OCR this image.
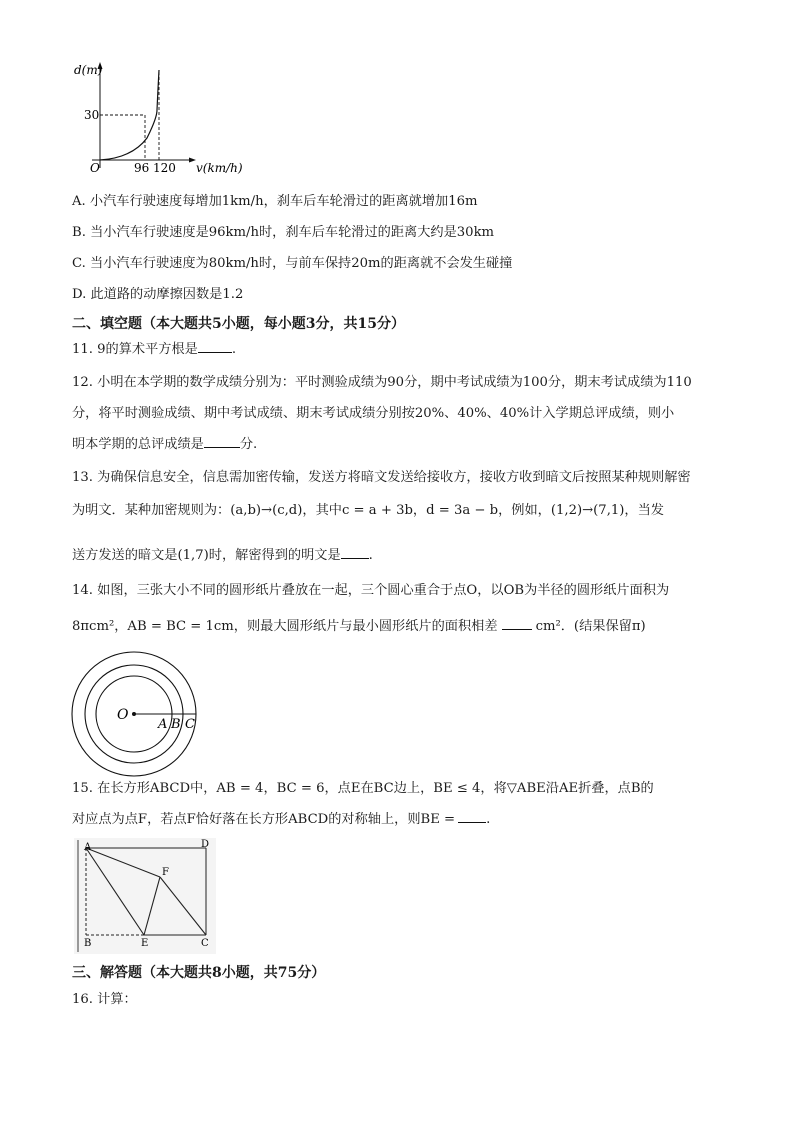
d(m)
v(km/h)
O
30
96 120
A. 小汽车行驶速度每增加1km/h，刹车后车轮滑过的距离就增加16m
B. 当小汽车行驶速度是96km/h时，刹车后车轮滑过的距离大约是30km
C. 当小汽车行驶速度为80km/h时，与前车保持20m的距离就不会发生碰撞
D. 此道路的动摩擦因数是1.2
二、填空题（本大题共5小题，每小题3分，共15分）
11. 9的算术平方根是	.
12. 小明在本学期的数学成绩分别为：平时测验成绩为90分，期中考试成绩为100分，期末考试成绩为110
分，将平时测验成绩、期中考试成绩、期末考试成绩分别按20%、40%、40%计入学期总评成绩，则小
明本学期的总评成绩是	分.
13. 为确保信息安全，信息需加密传输，发送方将暗文发送给接收方，接收方收到暗文后按照某种规则解密
为明文．某种加密规则为：(a,b)→(c,d)，其中c = a + 3b，d = 3a − b，例如，(1,2)→(7,1)，当发
送方发送的暗文是(1,7)时，解密得到的明文是 .
14. 如图，三张大小不同的圆形纸片叠放在一起，三个圆心重合于点O，以OB为半径的圆形纸片面积为
8πcm²，AB = BC = 1cm，则最大圆形纸片与最小圆形纸片的面积相差	cm²．(结果保留π)
O
A B C
15. 在长方形ABCD中，AB = 4，BC = 6，点E在BC边上，BE ≤ 4，将▽ABE沿AE折叠，点B的
对应点为点F，若点F恰好落在长方形ABCD的对称轴上，则BE = .
A	D
F
B	E	C
三、解答题（本大题共8小题，共75分）
16. 计算：
